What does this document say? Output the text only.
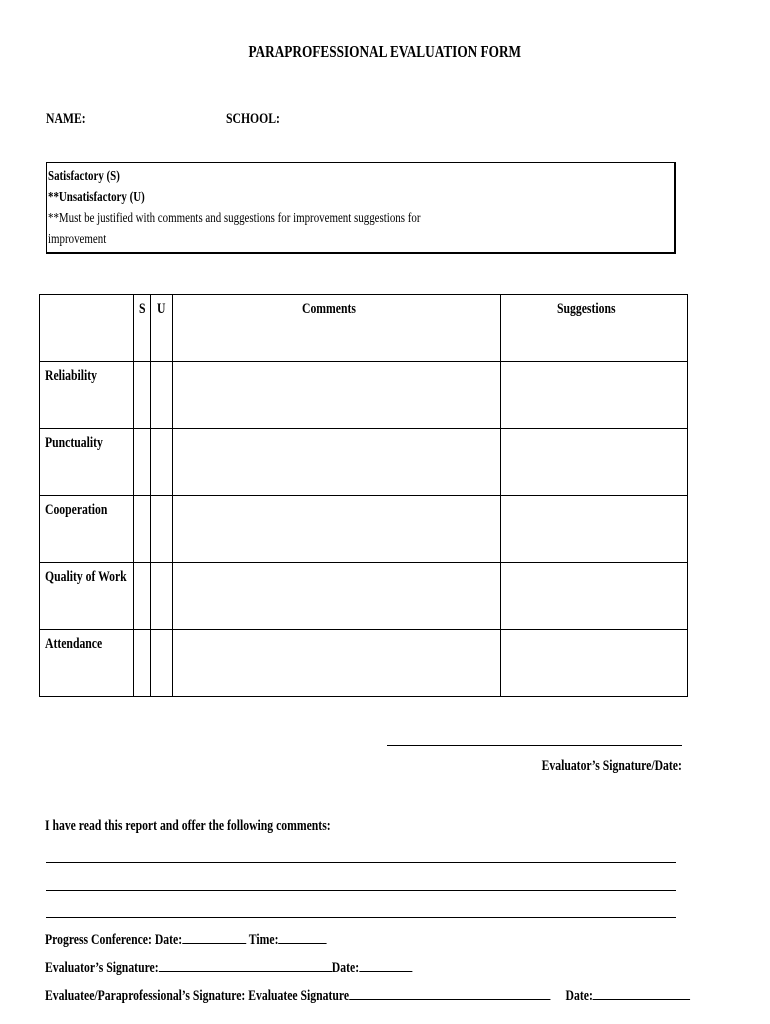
PARAPROFESSIONAL EVALUATION FORM
NAME:	SCHOOL:
Satisfactory (S)
**Unsatisfactory (U)
**Must be justified with comments and suggestions for improvement suggestions for
improvement
	S	U	Comments	Suggestions
Reliability				
Punctuality				
Cooperation				
Quality of Work				
Attendance				
Evaluator’s Signature/Date:
I have read this report and offer the following comments:
Progress Conference: Date:	Time:
Evaluator’s Signature:	Date:
Evaluatee/Paraprofessional’s Signature: Evaluatee Signature	Date:
